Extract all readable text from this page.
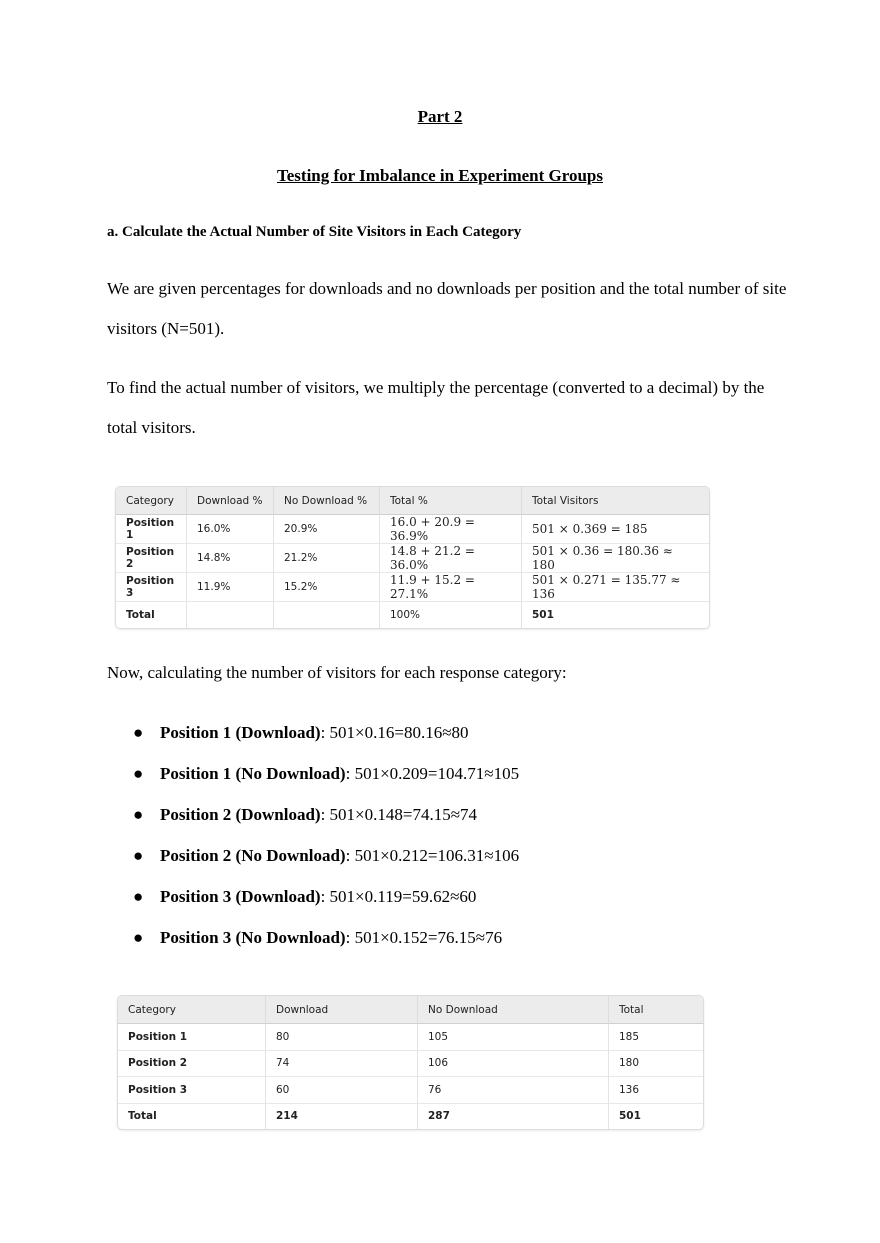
Part 2
Testing for Imbalance in Experiment Groups
a. Calculate the Actual Number of Site Visitors in Each Category
We are given percentages for downloads and no downloads per position and the total number of site visitors (N=501).
To find the actual number of visitors, we multiply the percentage (converted to a decimal) by the total visitors.
Category	Download %	No Download %	Total %	Total Visitors
Position 1	16.0%	20.9%	16.0 + 20.9 = 36.9%	501 × 0.369 = 185
Position 2	14.8%	21.2%	14.8 + 21.2 = 36.0%	501 × 0.36 = 180.36 ≈ 180
Position 3	11.9%	15.2%	11.9 + 15.2 = 27.1%	501 × 0.271 = 135.77 ≈ 136
Total			100%	501
Now, calculating the number of visitors for each response category:
● Position 1 (Download): 501×0.16=80.16≈80
● Position 1 (No Download): 501×0.209=104.71≈105
● Position 2 (Download): 501×0.148=74.15≈74
● Position 2 (No Download): 501×0.212=106.31≈106
● Position 3 (Download): 501×0.119=59.62≈60
● Position 3 (No Download): 501×0.152=76.15≈76
Category	Download	No Download	Total
Position 1	80	105	185
Position 2	74	106	180
Position 3	60	76	136
Total	214	287	501
